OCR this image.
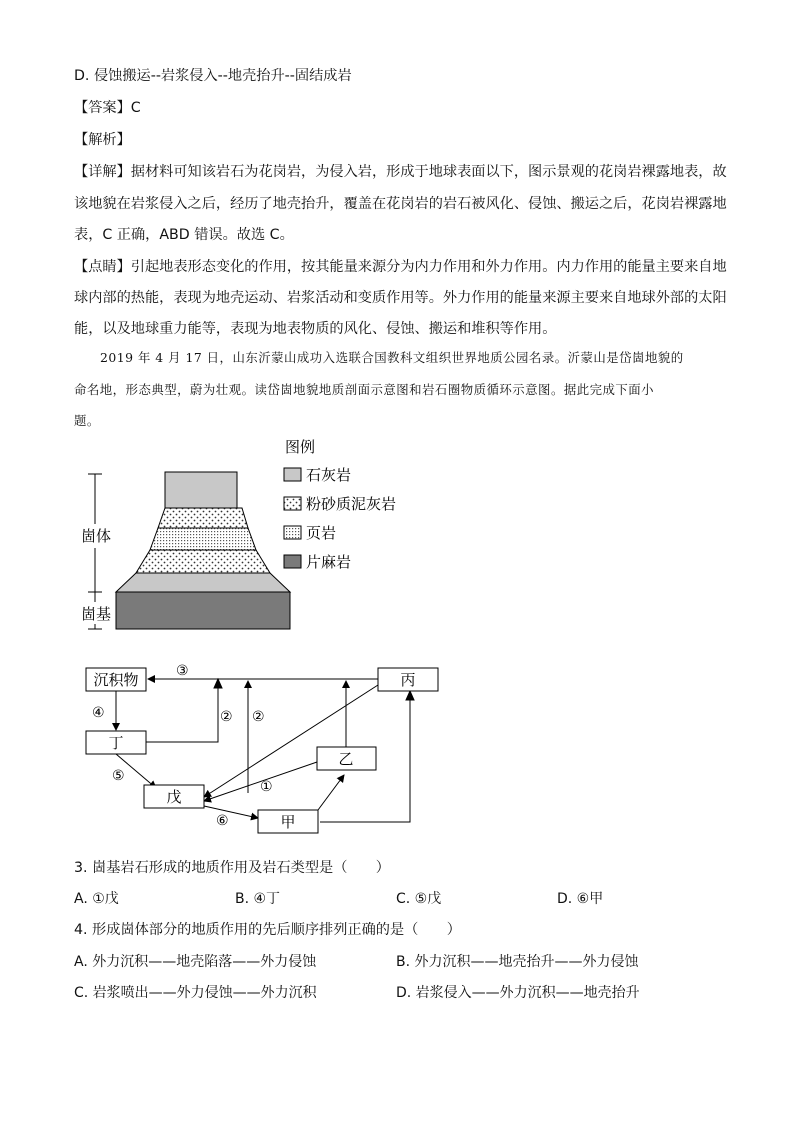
D. 侵蚀搬运--岩浆侵入--地壳抬升--固结成岩
【答案】C
【解析】
【详解】据材料可知该岩石为花岗岩，为侵入岩，形成于地球表面以下，图示景观的花岗岩裸露地表，故
该地貌在岩浆侵入之后，经历了地壳抬升，覆盖在花岗岩的岩石被风化、侵蚀、搬运之后，花岗岩裸露地
表，C 正确，ABD 错误。故选 C。
【点睛】引起地表形态变化的作用，按其能量来源分为内力作用和外力作用。内力作用的能量主要来自地
球内部的热能，表现为地壳运动、岩浆活动和变质作用等。外力作用的能量来源主要来自地球外部的太阳
能，以及地球重力能等，表现为地表物质的风化、侵蚀、搬运和堆积等作用。
2019 年 4 月 17 日，山东沂蒙山成功入选联合国教科文组织世界地质公园名录。沂蒙山是岱崮地貌的
命名地，形态典型，蔚为壮观。读岱崮地貌地质剖面示意图和岩石圈物质循环示意图。据此完成下面小
题。
崮体
崮基
图例
石灰岩
粉砂质泥灰岩
页岩
片麻岩
沉积物	丙
丁
乙
戊
甲
③
④	② ②
①
⑤
⑥
3. 崮基岩石形成的地质作用及岩石类型是（　　）
A. ①戊	B. ④丁	C. ⑤戊	D. ⑥甲
4. 形成崮体部分的地质作用的先后顺序排列正确的是（　　）
A. 外力沉积——地壳陷落——外力侵蚀	B. 外力沉积——地壳抬升——外力侵蚀
C. 岩浆喷出——外力侵蚀——外力沉积	D. 岩浆侵入——外力沉积——地壳抬升
